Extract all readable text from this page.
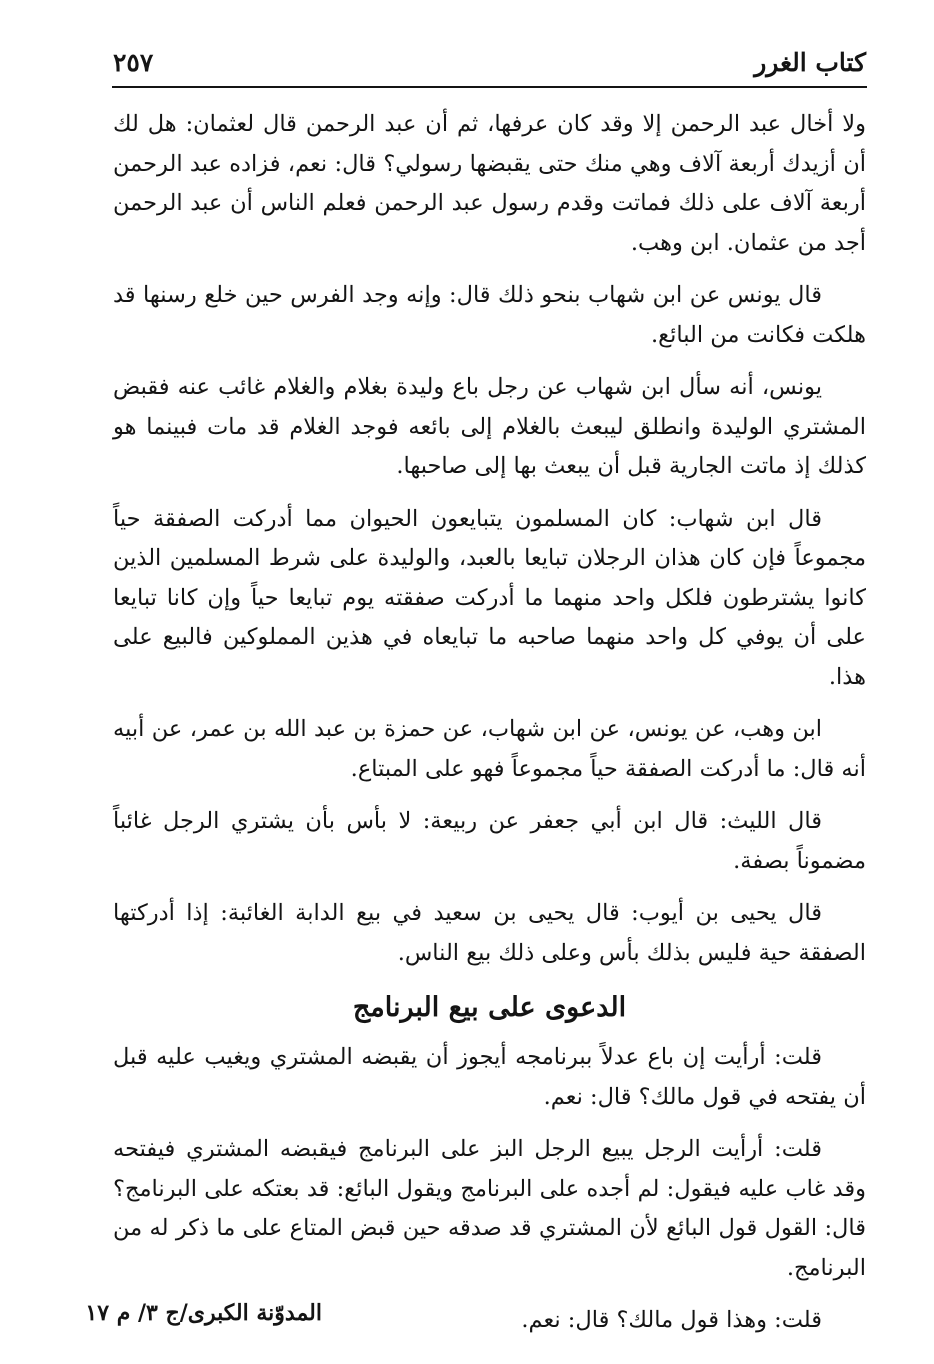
كتاب الغرر
٢٥٧

ولا أخال عبد الرحمن إلا وقد كان عرفها، ثم أن عبد الرحمن قال لعثمان: هل لك أن أزيدك أربعة آلاف وهي منك حتى يقبضها رسولي؟ قال: نعم، فزاده عبد الرحمن أربعة آلاف على ذلك فماتت وقدم رسول عبد الرحمن فعلم الناس أن عبد الرحمن أجد من عثمان. ابن وهب.

قال يونس عن ابن شهاب بنحو ذلك قال: وإنه وجد الفرس حين خلع رسنها قد هلكت فكانت من البائع.

يونس، أنه سأل ابن شهاب عن رجل باع وليدة بغلام والغلام غائب عنه فقبض المشتري الوليدة وانطلق ليبعث بالغلام إلى بائعه فوجد الغلام قد مات فبينما هو كذلك إذ ماتت الجارية قبل أن يبعث بها إلى صاحبها.

قال ابن شهاب: كان المسلمون يتبايعون الحيوان مما أدركت الصفقة حياً مجموعاً فإن كان هذان الرجلان تبايعا بالعبد، والوليدة على شرط المسلمين الذين كانوا يشترطون فلكل واحد منهما ما أدركت صفقته يوم تبايعا حياً وإن كانا تبايعا على أن يوفي كل واحد منهما صاحبه ما تبايعاه في هذين المملوكين فالبيع على هذا.

ابن وهب، عن يونس، عن ابن شهاب، عن حمزة بن عبد الله بن عمر، عن أبيه أنه قال: ما أدركت الصفقة حياً مجموعاً فهو على المبتاع.

قال الليث: قال ابن أبي جعفر عن ربيعة: لا بأس بأن يشتري الرجل غائباً مضموناً بصفة.

قال يحيى بن أيوب: قال يحيى بن سعيد في بيع الدابة الغائبة: إذا أدركتها الصفقة حية فليس بذلك بأس وعلى ذلك بيع الناس.

الدعوى على بيع البرنامج

قلت: أرأيت إن باع عدلاً ببرنامجه أيجوز أن يقبضه المشتري ويغيب عليه قبل أن يفتحه في قول مالك؟ قال: نعم.

قلت: أرأيت الرجل يبيع الرجل البز على البرنامج فيقبضه المشتري فيفتحه وقد غاب عليه فيقول: لم أجده على البرنامج ويقول البائع: قد بعتكه على البرنامج؟ قال: القول قول البائع لأن المشتري قد صدقه حين قبض المتاع على ما ذكر له من البرنامج.

قلت: وهذا قول مالك؟ قال: نعم.

المدوّنة الكبرى/ج ٣/ م ١٧
